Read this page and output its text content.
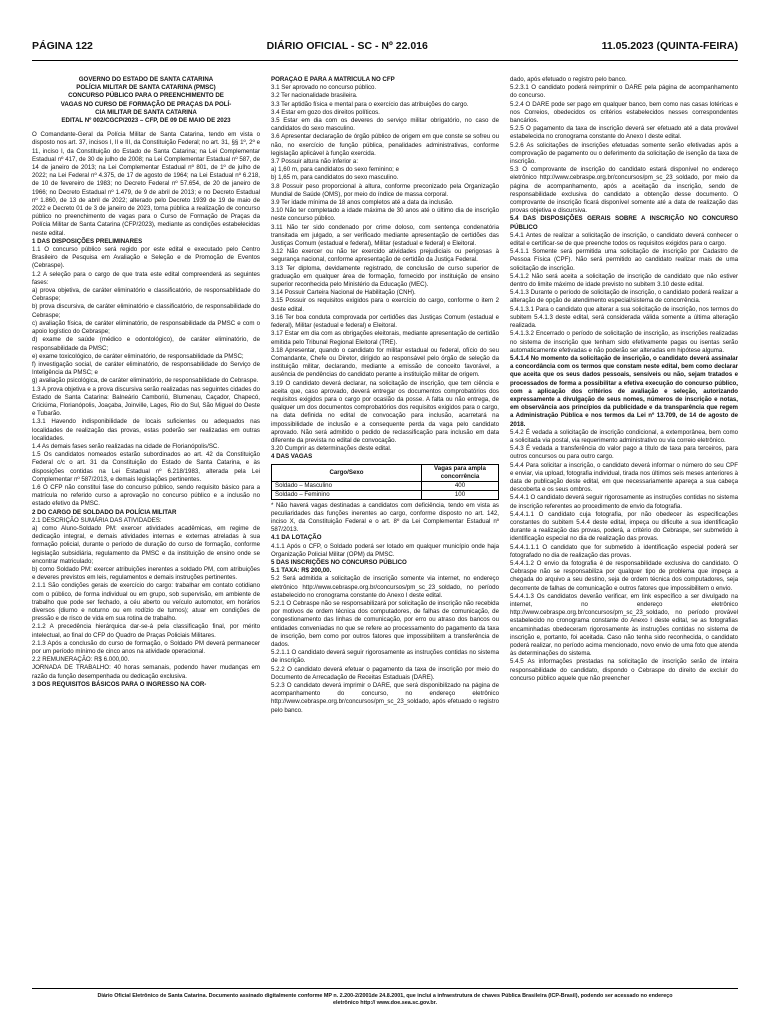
PÁGINA 122	DIÁRIO OFICIAL - SC - Nº 22.016	11.05.2023 (QUINTA-FEIRA)

GOVERNO DO ESTADO DE SANTA CATARINA

POLÍCIA MILITAR DE SANTA CATARINA (PMSC)

CONCURSO PÚBLICO PARA O PREENCHIMENTO DE

VAGAS NO CURSO DE FORMAÇÃO DE PRAÇAS DA POLÍ-

CIA MILITAR DE SANTA CATARINA

EDITAL Nº 002/CGCP/2023 – CFP, DE 09 DE MAIO DE 2023

O Comandante-Geral da Polícia Militar de Santa Catarina, tendo em vista o disposto nos art. 37, incisos I, II e III, da Constituição Federal; no art. 31, §§ 1º, 2º e 11, inciso I, da Constituição do Estado de Santa Catarina; na Lei Complementar Estadual nº 417, de 30 de julho de 2008; na Lei Complementar Estadual nº 587, de 14 de janeiro de 2013; na Lei Complementar Estadual nº 801, de 1º de julho de 2022; na Lei Federal nº 4.375, de 17 de agosto de 1964; na Lei Estadual nº 6.218, de 10 de fevereiro de 1983; no Decreto Federal nº 57.654, de 20 de janeiro de 1966; no Decreto Estadual nº 1.479, de 9 de abril de 2013; e no Decreto Estadual nº 1.860, de 13 de abril de 2022; alterado pelo Decreto 1939 de 19 de maio de 2022 e Decreto 01 de 3 de janeiro de 2023, torna pública a realização de concurso público no preenchimento de vagas para o Curso de Formação de Praças da Polícia Militar de Santa Catarina (CFP/2023), mediante as condições estabelecidas neste edital.

1 DAS DISPOSIÇÕES PRELIMINARES

1.1 O concurso público será regido por este edital e executado pelo Centro Brasileiro de Pesquisa em Avaliação e Seleção e de Promoção de Eventos (Cebraspe).

1.2 A seleção para o cargo de que trata este edital compreenderá as seguintes fases:

a) prova objetiva, de caráter eliminatório e classificatório, de responsabilidade do Cebraspe;

b) prova discursiva, de caráter eliminatório e classificatório, de responsabilidade do Cebraspe;

c) avaliação física, de caráter eliminatório, de responsabilidade da PMSC e com o apoio logístico do Cebraspe;

d) exame de saúde (médico e odontológico), de caráter eliminatório, de responsabilidade da PMSC;

e) exame toxicológico, de caráter eliminatório, de responsabilidade da PMSC;

f) investigação social, de caráter eliminatório, de responsabilidade do Serviço de Inteligência da PMSC; e

g) avaliação psicológica, de caráter eliminatório, de responsabilidade do Cebraspe.

1.3 A prova objetiva e a prova discursiva serão realizadas nas seguintes cidades do Estado de Santa Catarina: Balneário Camboriú, Blumenau, Caçador, Chapecó, Criciúma, Florianópolis, Joaçaba, Joinville, Lages, Rio do Sul, São Miguel do Oeste e Tubarão.

1.3.1 Havendo indisponibilidade de locais suficientes ou adequados nas localidades de realização das provas, estas poderão ser realizadas em outras localidades.

1.4 As demais fases serão realizadas na cidade de Florianópolis/SC.

1.5 Os candidatos nomeados estarão subordinados ao art. 42 da Constituição Federal c/c o art. 31 da Constituição do Estado de Santa Catarina, e às disposições contidas na Lei Estadual nº 6.218/1983, alterada pela Lei Complementar nº 587/2013, e demais legislações pertinentes.

1.6 O CFP não constitui fase do concurso público, sendo requisito básico para a matrícula no referido curso a aprovação no concurso público e a inclusão no estado efetivo da PMSC.

2 DO CARGO DE SOLDADO DA POLÍCIA MILITAR

2.1 DESCRIÇÃO SUMÁRIA DAS ATIVIDADES:

a) como Aluno-Soldado PM: exercer atividades acadêmicas, em regime de dedicação integral, e demais atividades internas e externas atreladas à sua formação policial, durante o período de duração do curso de formação, conforme legislação subsidiária, regulamento da PMSC e da instituição de ensino onde se encontrar matriculado;

b) como Soldado PM: exercer atribuições inerentes a soldado PM, com atribuições e deveres previstos em leis, regulamentos e demais instruções pertinentes.

2.1.1 São condições gerais de exercício do cargo: trabalhar em contato cotidiano com o público, de forma individual ou em grupo, sob supervisão, em ambiente de trabalho que pode ser fechado, a céu aberto ou veículo automotor, em horários diversos (diurno e noturno ou em rodízio de turnos); atuar em condições de pressão e de risco de vida em sua rotina de trabalho.

2.1.2 A precedência hierárquica dar-se-á pela classificação final, por mérito intelectual, ao final do CFP do Quadro de Praças Policiais Militares.

2.1.3 Após a conclusão do curso de formação, o Soldado PM deverá permanecer por um período mínimo de cinco anos na atividade operacional.

2.2 REMUNERAÇÃO: R$ 6.000,00.

JORNADA DE TRABALHO: 40 horas semanais, podendo haver mudanças em razão da função desempenhada ou dedicação exclusiva.

3 DOS REQUISITOS BÁSICOS PARA O INGRESSO NA COR-

PORAÇÃO E PARA A MATRÍCULA NO CFP

3.1 Ser aprovado no concurso público.

3.2 Ter nacionalidade brasileira.

3.3 Ter aptidão física e mental para o exercício das atribuições do cargo.

3.4 Estar em gozo dos direitos políticos.

3.5 Estar em dia com os deveres do serviço militar obrigatório, no caso de candidatos do sexo masculino.

3.6 Apresentar declaração de órgão público de origem em que conste se sofreu ou não, no exercício de função pública, penalidades administrativas, conforme legislação aplicável à função exercida.

3.7 Possuir altura não inferior a:

a) 1,60 m, para candidatos do sexo feminino; e

b) 1,65 m, para candidatos do sexo masculino.

3.8 Possuir peso proporcional à altura, conforme preconizado pela Organização Mundial de Saúde (OMS), por meio do índice de massa corporal.

3.9 Ter idade mínima de 18 anos completos até a data da inclusão.

3.10 Não ter completado a idade máxima de 30 anos até o último dia de inscrição neste concurso público.

3.11 Não ter sido condenado por crime doloso, com sentença condenatória transitada em julgado, a ser verificado mediante apresentação de certidões das Justiças Comum (estadual e federal), Militar (estadual e federal) e Eleitoral.

3.12 Não exercer ou não ter exercido atividades prejudiciais ou perigosas à segurança nacional, conforme apresentação de certidão da Justiça Federal.

3.13 Ter diploma, devidamente registrado, de conclusão de curso superior de graduação em qualquer área de formação, fornecido por instituição de ensino superior reconhecida pelo Ministério da Educação (MEC).

3.14 Possuir Carteira Nacional de Habilitação (CNH).

3.15 Possuir os requisitos exigidos para o exercício do cargo, conforme o item 2 deste edital.

3.16 Ter boa conduta comprovada por certidões das Justiças Comum (estadual e federal), Militar (estadual e federal) e Eleitoral.

3.17 Estar em dia com as obrigações eleitorais, mediante apresentação de certidão emitida pelo Tribunal Regional Eleitoral (TRE).

3.18 Apresentar, quando o candidato for militar estadual ou federal, ofício do seu Comandante, Chefe ou Diretor, dirigido ao responsável pelo órgão de seleção da instituição militar, declarando, mediante a emissão de conceito favorável, a ausência de pendências do candidato perante a instituição militar de origem.

3.19 O candidato deverá declarar, na solicitação de inscrição, que tem ciência e aceita que, caso aprovado, deverá entregar os documentos comprobatórios dos requisitos exigidos para o cargo por ocasião da posse. A falta ou não entrega, de qualquer um dos documentos comprobatórios dos requisitos exigidos para o cargo, na data definida no edital de convocação para inclusão, acarretará na impossibilidade de inclusão e a consequente perda da vaga pelo candidato aprovado. Não será admitido o pedido de reclassificação para inclusão em data diferente da prevista no edital de convocação.

3.20 Cumprir as determinações deste edital.

4 DAS VAGAS

Cargo/Sexo	Vagas para ampla concorrência
Soldado – Masculino	400
Soldado – Feminino	100

* Não haverá vagas destinadas a candidatos com deficiência, tendo em vista as peculiaridades das funções inerentes ao cargo, conforme disposto no art. 142, inciso X, da Constituição Federal e o art. 8º da Lei Complementar Estadual nº 587/2013.

4.1 DA LOTAÇÃO

4.1.1 Após o CFP, o Soldado poderá ser lotado em qualquer município onde haja Organização Policial Militar (OPM) da PMSC.

5 DAS INSCRIÇÕES NO CONCURSO PÚBLICO

5.1 TAXA: R$ 200,00.

5.2 Será admitida a solicitação de inscrição somente via internet, no endereço eletrônico http://www.cebraspe.org.br/concursos/pm_sc_23_soldado, no período estabelecido no cronograma constante do Anexo I deste edital.

5.2.1 O Cebraspe não se responsabilizará por solicitação de inscrição não recebida por motivos de ordem técnica dos computadores, de falhas de comunicação, de congestionamento das linhas de comunicação, por erro ou atraso dos bancos ou entidades conveniadas no que se refere ao processamento do pagamento da taxa de inscrição, bem como por outros fatores que impossibilitem a transferência de dados.

5.2.1.1 O candidato deverá seguir rigorosamente as instruções contidas no sistema de inscrição.

5.2.2 O candidato deverá efetuar o pagamento da taxa de inscrição por meio do Documento de Arrecadação de Receitas Estaduais (DARE).

5.2.3 O candidato deverá imprimir o DARE, que será disponibilizado na página de acompanhamento do concurso, no endereço eletrônico http://www.cebraspe.org.br/concursos/pm_sc_23_soldado, após efetuado o registro pelo banco.

dado, após efetuado o registro pelo banco.

5.2.3.1 O candidato poderá reimprimir o DARE pela página de acompanhamento do concurso.

5.2.4 O DARE pode ser pago em qualquer banco, bem como nas casas lotéricas e nos Correios, obedecidos os critérios estabelecidos nesses correspondentes bancários.

5.2.5 O pagamento da taxa de inscrição deverá ser efetuado até a data provável estabelecida no cronograma constante do Anexo I deste edital.

5.2.6 As solicitações de inscrições efetuadas somente serão efetivadas após a comprovação de pagamento ou o deferimento da solicitação de isenção da taxa de inscrição.

5.3 O comprovante de inscrição do candidato estará disponível no endereço eletrônico http://www.cebraspe.org.br/concursos/pm_sc_23_soldado, por meio da página de acompanhamento, após a aceitação da inscrição, sendo de responsabilidade exclusiva do candidato a obtenção desse documento. O comprovante de inscrição ficará disponível somente até a data de realização das provas objetiva e discursiva.

5.4 DAS DISPOSIÇÕES GERAIS SOBRE A INSCRIÇÃO NO CONCURSO PÚBLICO

5.4.1 Antes de realizar a solicitação de inscrição, o candidato deverá conhecer o edital e certificar-se de que preenche todos os requisitos exigidos para o cargo.

5.4.1.1 Somente será permitida uma solicitação de inscrição por Cadastro de Pessoa Física (CPF). Não será permitido ao candidato realizar mais de uma solicitação de inscrição.

5.4.1.2 Não será aceita a solicitação de inscrição de candidato que não estiver dentro do limite máximo de idade previsto no subitem 3.10 deste edital.

5.4.1.3 Durante o período de solicitação de inscrição, o candidato poderá realizar a alteração de opção de atendimento especial/sistema de concorrência.

5.4.1.3.1 Para o candidato que alterar a sua solicitação de inscrição, nos termos do subitem 5.4.1.3 deste edital, será considerada válida somente a última alteração realizada.

5.4.1.3.2 Encerrado o período de solicitação de inscrição, as inscrições realizadas no sistema de inscrição que tenham sido efetivamente pagas ou isentas serão automaticamente efetivadas e não poderão ser alteradas em hipótese alguma.

5.4.1.4 No momento da solicitação de inscrição, o candidato deverá assinalar a concordância com os termos que constam neste edital, bem como declarar que aceita que os seus dados pessoais, sensíveis ou não, sejam tratados e processados de forma a possibilitar a efetiva execução do concurso público, com a aplicação dos critérios de avaliação e seleção, autorizando expressamente a divulgação de seus nomes, números de inscrição e notas, em observância aos princípios da publicidade e da transparência que regem a Administração Pública e nos termos da Lei nº 13.709, de 14 de agosto de 2018.

5.4.2 É vedada a solicitação de inscrição condicional, a extemporânea, bem como a solicitada via postal, via requerimento administrativo ou via correio eletrônico.

5.4.3 É vedada a transferência do valor pago a título de taxa para terceiros, para outros concursos ou para outro cargo.

5.4.4 Para solicitar a inscrição, o candidato deverá informar o número do seu CPF e enviar, via upload, fotografia individual, tirada nos últimos seis meses anteriores à data de publicação deste edital, em que necessariamente apareça a sua cabeça descoberta e os seus ombros.

5.4.4.1 O candidato deverá seguir rigorosamente as instruções contidas no sistema de inscrição referentes ao procedimento de envio da fotografia.

5.4.4.1.1 O candidato cuja fotografia, por não obedecer às especificações constantes do subitem 5.4.4 deste edital, impeça ou dificulte a sua identificação durante a realização das provas, poderá, a critério do Cebraspe, ser submetido à identificação especial no dia de realização das provas.

5.4.4.1.1.1 O candidato que for submetido à identificação especial poderá ser fotografado no dia de realização das provas.

5.4.4.1.2 O envio da fotografia é de responsabilidade exclusiva do candidato. O Cebraspe não se responsabiliza por qualquer tipo de problema que impeça a chegada do arquivo a seu destino, seja de ordem técnica dos computadores, seja decorrente de falhas de comunicação e outros fatores que impossibilitem o envio.

5.4.4.1.3 Os candidatos deverão verificar, em link específico a ser divulgado na internet, no endereço eletrônico http://www.cebraspe.org.br/concursos/pm_sc_23_soldado, no período provável estabelecido no cronograma constante do Anexo I deste edital, se as fotografias encaminhadas obedeceram rigorosamente às instruções contidas no sistema de inscrição e, portanto, foi aceitada. Caso não tenha sido reconhecida, o candidato poderá realizar, no período acima mencionado, novo envio de uma foto que atenda às determinações do sistema.

5.4.5 As informações prestadas na solicitação de inscrição serão de inteira responsabilidade do candidato, dispondo o Cebraspe do direito de excluir do concurso público aquele que não preencher

Diário Oficial Eletrônico de Santa Catarina. Documento assinado digitalmente conforme MP n. 2.200-2/2001de 24.8.2001, que inclui a infraestrutura de chaves Pública Brasileira (ICP-Brasil), podendo ser acessado no endereço
eletrônico http:// www.doe.sea.sc.gov.br.
